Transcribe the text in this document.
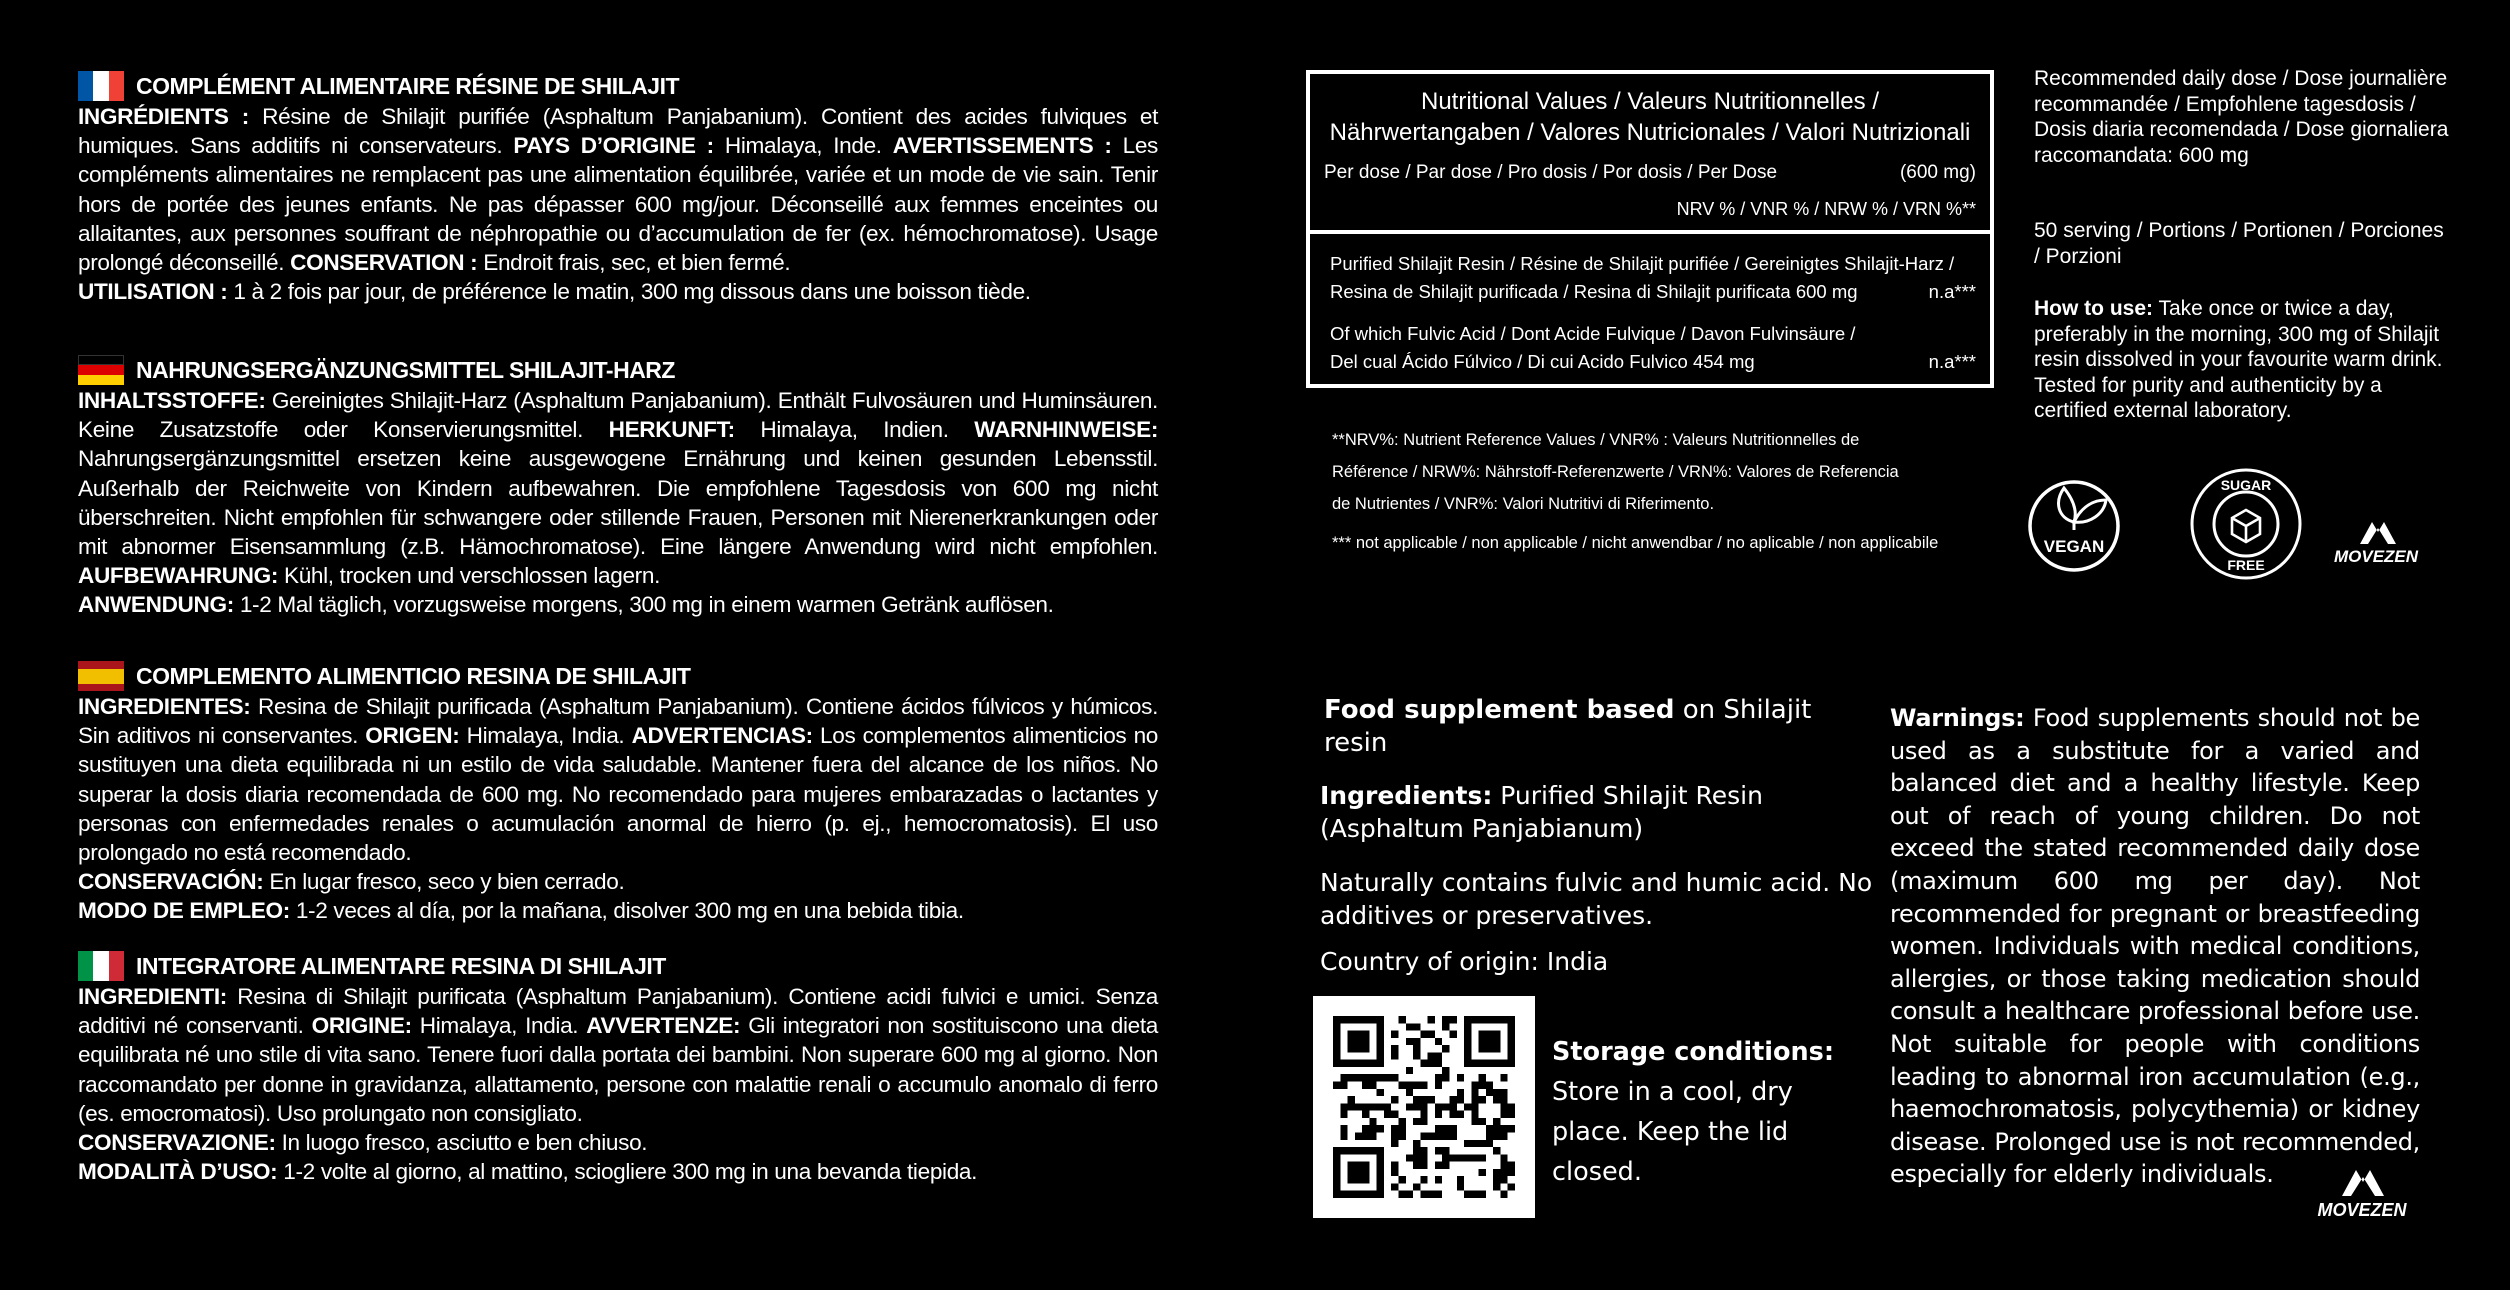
COMPLÉMENT ALIMENTAIRE RÉSINE DE SHILAJIT
INGRÉDIENTS : Résine de Shilajit purifiée (Asphaltum Panjabanium). Contient des acides fulviques et humiques. Sans additifs ni conservateurs. PAYS D’ORIGINE : Himalaya, Inde. AVERTISSEMENTS : Les compléments alimentaires ne remplacent pas une alimentation équilibrée, variée et un mode de vie sain. Tenir hors de portée des jeunes enfants. Ne pas dépasser 600 mg/jour. Déconseillé aux femmes enceintes ou allaitantes, aux personnes souffrant de néphropathie ou d’accumulation de fer (ex. hémochromatose). Usage prolongé déconseillé. CONSERVATION : Endroit frais, sec, et bien fermé.
UTILISATION : 1 à 2 fois par jour, de préférence le matin, 300 mg dissous dans une boisson tiède.
NAHRUNGSERGÄNZUNGSMITTEL SHILAJIT-HARZ
INHALTSSTOFFE: Gereinigtes Shilajit-Harz (Asphaltum Panjabanium). Enthält Fulvosäuren und Huminsäuren. Keine Zusatzstoffe oder Konservierungsmittel. HERKUNFT: Himalaya, Indien. WARNHINWEISE: Nahrungsergänzungsmittel ersetzen keine ausgewogene Ernährung und keinen gesunden Lebensstil. Außerhalb der Reichweite von Kindern aufbewahren. Die empfohlene Tagesdosis von 600 mg nicht überschreiten. Nicht empfohlen für schwangere oder stillende Frauen, Personen mit Nierenerkrankungen oder mit abnormer Eisensammlung (z.B. Hämochromatose). Eine längere Anwendung wird nicht empfohlen. AUFBEWAHRUNG: Kühl, trocken und verschlossen lagern.
ANWENDUNG: 1-2 Mal täglich, vorzugsweise morgens, 300 mg in einem warmen Getränk auflösen.
COMPLEMENTO ALIMENTICIO RESINA DE SHILAJIT
INGREDIENTES: Resina de Shilajit purificada (Asphaltum Panjabanium). Contiene ácidos fúlvicos y húmicos. Sin aditivos ni conservantes. ORIGEN: Himalaya, India. ADVERTENCIAS: Los complementos alimenticios no sustituyen una dieta equilibrada ni un estilo de vida saludable. Mantener fuera del alcance de los niños. No superar la dosis diaria recomendada de 600 mg. No recomendado para mujeres embarazadas o lactantes y personas con enfermedades renales o acumulación anormal de hierro (p. ej., hemocromatosis). El uso prolongado no está recomendado.
CONSERVACIÓN: En lugar fresco, seco y bien cerrado.
MODO DE EMPLEO: 1-2 veces al día, por la mañana, disolver 300 mg en una bebida tibia.
INTEGRATORE ALIMENTARE RESINA DI SHILAJIT
INGREDIENTI: Resina di Shilajit purificata (Asphaltum Panjabanium). Contiene acidi fulvici e umici. Senza additivi né conservanti. ORIGINE: Himalaya, India. AVVERTENZE: Gli integratori non sostituiscono una dieta equilibrata né uno stile di vita sano. Tenere fuori dalla portata dei bambini. Non superare 600 mg al giorno. Non raccomandato per donne in gravidanza, allattamento, persone con malattie renali o accumulo anomalo di ferro (es. emocromatosi). Uso prolungato non consigliato.
CONSERVAZIONE: In luogo fresco, asciutto e ben chiuso.
MODALITÀ D’USO: 1-2 volte al giorno, al mattino, sciogliere 300 mg in una bevanda tiepida.
Nutritional Values / Valeurs Nutritionnelles /
Nährwertangaben / Valores Nutricionales / Valori Nutrizionali
Per dose / Par dose / Pro dosis / Por dosis / Per Dose	(600 mg)
NRV % / VNR % / NRW % / VRN %**
Purified Shilajit Resin / Résine de Shilajit purifiée / Gereinigtes Shilajit-Harz /
Resina de Shilajit purificada / Resina di Shilajit purificata 600 mg	n.a***
Of which Fulvic Acid / Dont Acide Fulvique / Davon Fulvinsäure /
Del cual Ácido Fúlvico / Di cui Acido Fulvico 454 mg	n.a***
**NRV%: Nutrient Reference Values / VNR% : Valeurs Nutritionnelles de
Référence / NRW%: Nährstoff-Referenzwerte / VRN%: Valores de Referencia
de Nutrientes / VNR%: Valori Nutritivi di Riferimento.
*** not applicable / non applicable / nicht anwendbar / no aplicable / non applicabile
Recommended daily dose / Dose journalière recommandée / Empfohlene tagesdosis / Dosis diaria recomendada / Dose giornaliera raccomandata: 600 mg
50 serving / Portions / Portionen / Porciones / Porzioni
How to use: Take once or twice a day, preferably in the morning, 300 mg of Shilajit resin dissolved in your favourite warm drink. Tested for purity and authenticity by a certified external laboratory.
VEGAN
SUGAR
FREE	MOVEZEN
Food supplement based on Shilajit resin
Ingredients: Purified Shilajit Resin (Asphaltum Panjabianum)
Naturally contains fulvic and humic acid. No additives or preservatives.
Country of origin: India
Storage conditions:
Store in a cool, dry place. Keep the lid closed.
Warnings: Food supplements should not be used as a substitute for a varied and balanced diet and a healthy lifestyle. Keep out of reach of young children. Do not exceed the stated recommended daily dose (maximum 600 mg per day). Not recommended for pregnant or breastfeeding women. Individuals with medical conditions, allergies, or those taking medication should consult a healthcare professional before use. Not suitable for people with conditions leading to abnormal iron accumulation (e.g., haemochromatosis, polycythemia) or kidney disease. Prolonged use is not recommended, especially for elderly individuals.
MOVEZEN
